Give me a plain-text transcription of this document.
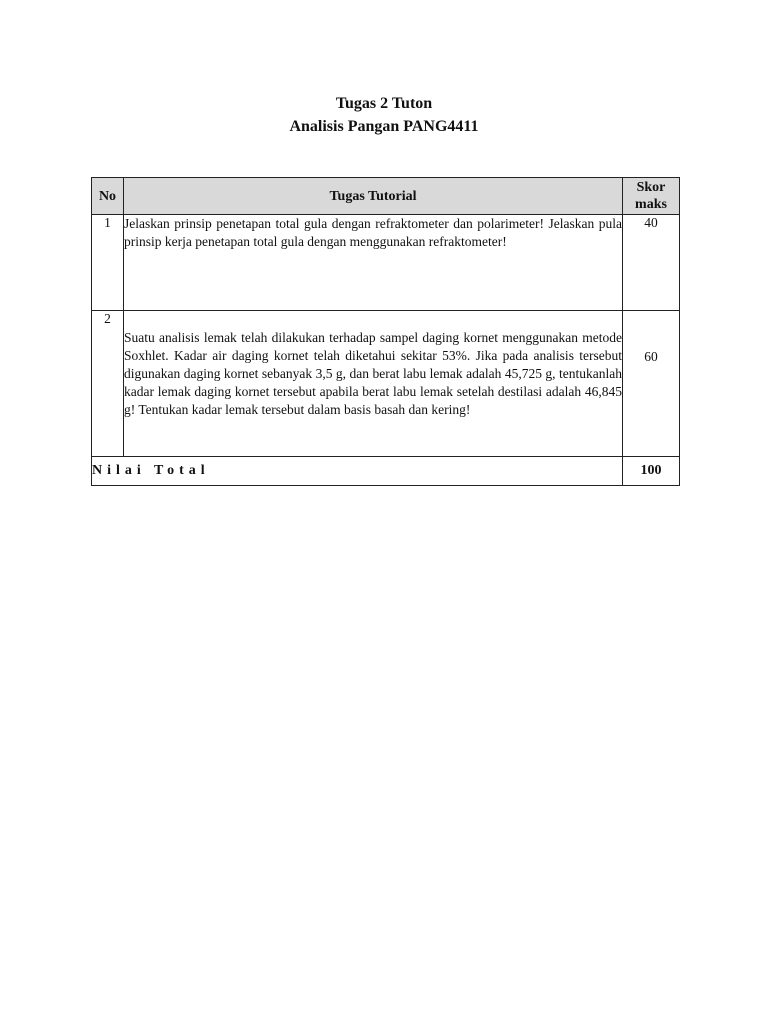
Tugas 2 Tuton
Analisis Pangan PANG4411
No	Tugas Tutorial	Skor
maks

1	Jelaskan prinsip penetapan total gula dengan refraktometer dan polarimeter! Jelaskan pula prinsip kerja penetapan total gula dengan menggunakan refraktometer!	40
2	Suatu analisis lemak telah dilakukan terhadap sampel daging kornet menggunakan metode Soxhlet. Kadar air daging kornet telah diketahui sekitar 53%. Jika pada analisis tersebut digunakan daging kornet sebanyak 3,5 g, dan berat labu lemak adalah 45,725 g, tentukanlah kadar lemak daging kornet tersebut apabila berat labu lemak setelah destilasi adalah 46,845 g! Tentukan kadar lemak tersebut dalam basis basah dan kering!	60
Nilai Total		100
